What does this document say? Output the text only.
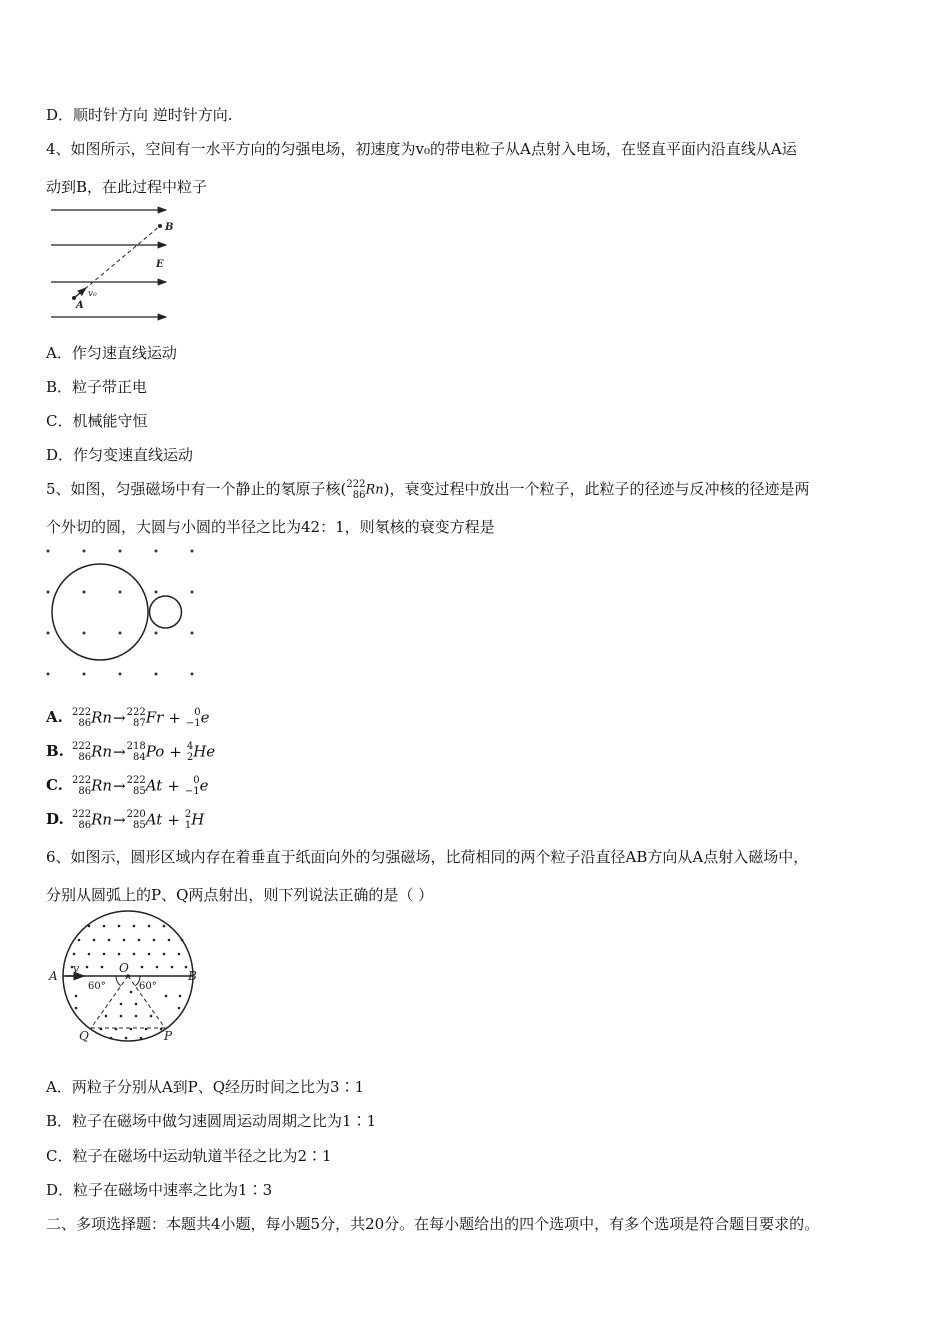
D．顺时针方向 逆时针方向.
4、如图所示，空间有一水平方向的匀强电场，初速度为v₀的带电粒子从A点射入电场，在竖直平面内沿直线从A运
动到B，在此过程中粒子
B
E
v₀
A
A．作匀速直线运动
B．粒子带正电
C．机械能守恒
D．作匀变速直线运动
5、如图，匀强磁场中有一个静止的氡原子核( 222
86 Rn)，衰变过程中放出一个粒子，此粒子的径迹与反冲核的径迹是两
个外切的圆，大圆与小圆的半径之比为42：1，则氡核的衰变方程是
A. 222
86 Rn→ 222
87 Fr +	0
−1 e
B. 222
86 Rn→ 218
84 Po + 4
2 He
C. 222
86 Rn→ 222
85 At +	0
−1 e
D. 222
86 Rn→ 220
85 At + 2
1 H
6、如图示，圆形区域内存在着垂直于纸面向外的匀强磁场，比荷相同的两个粒子沿直径AB方向从A点射入磁场中，
分别从圆弧上的P、Q两点射出，则下列说法正确的是（ ）
A	B
O
v
60°	60°
Q	P
A．两粒子分别从A到P、Q经历时间之比为3∶1
B．粒子在磁场中做匀速圆周运动周期之比为1∶1
C．粒子在磁场中运动轨道半径之比为2∶1
D．粒子在磁场中速率之比为1∶3
二、多项选择题：本题共4小题，每小题5分，共20分。在每小题给出的四个选项中，有多个选项是符合题目要求的。
